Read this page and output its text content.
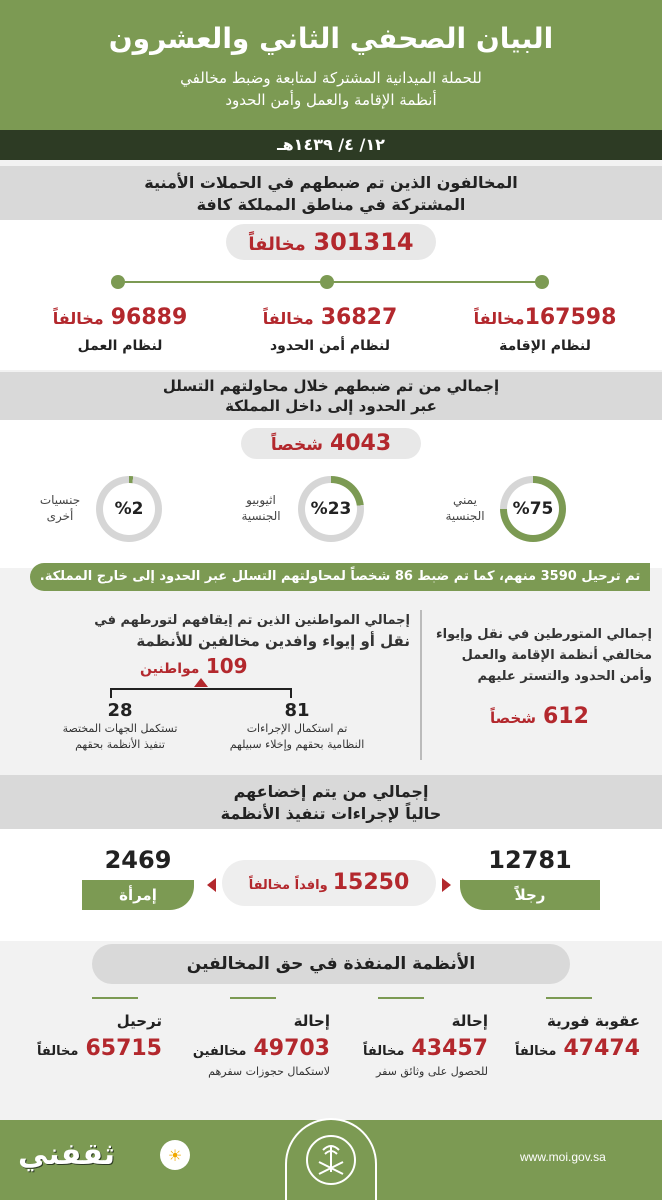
البيان الصحفي الثاني والعشرون
للحملة الميدانية المشتركة لمتابعة وضبط مخالفي
أنظمة الإقامة والعمل وأمن الحدود
١٢/ ٤/ ١٤٣٩هـ
المخالفون الذين تم ضبطهم في الحملات الأمنية
المشتركة في مناطق المملكة كافة
301314 مخالفاً
167598مخالفاً
لنظام الإقامة
36827 مخالفاً
لنظام أمن الحدود
96889 مخالفاً
لنظام العمل
إجمالي من تم ضبطهم خلال محاولتهم التسلل
عبر الحدود إلى داخل المملكة
4043 شخصاً
%75
يمني
الجنسية
%23
اثيوبيو
الجنسية
%2
جنسيات
أخرى
تم ترحيل 3590 منهم، كما تم ضبط 86 شخصاً لمحاولتهم التسلل عبر الحدود إلى خارج المملكة.
إجمالي المتورطين في نقل وإيواء
مخالفي أنظمة الإقامة والعمل
وأمن الحدود والتستر عليهم
612 شخصاً
إجمالي المواطنين الذين تم إيقافهم لتورطهم في
نقل أو إيواء وافدين مخالفين للأنظمة
109 مواطنين
81
تم استكمال الإجراءات
النظامية بحقهم وإخلاء سبيلهم
28
تستكمل الجهات المختصة
تنفيذ الأنظمة بحقهم
إجمالي من يتم إخضاعهم
حالياً لإجراءات تنفيذ الأنظمة
12781
رجلاً
2469
إمرأة	15250 وافداً مخالفاً
الأنظمة المنفذة في حق المخالفين
عقوبة فورية
47474 مخالفاً
إحالة
43457 مخالفاً
للحصول على وثائق سفر
إحالة
49703 مخالفين
لاستكمال حجوزات سفرهم
ترحيل
65715 مخالفاً
www.moi.gov.sa
ثقفني	☀
